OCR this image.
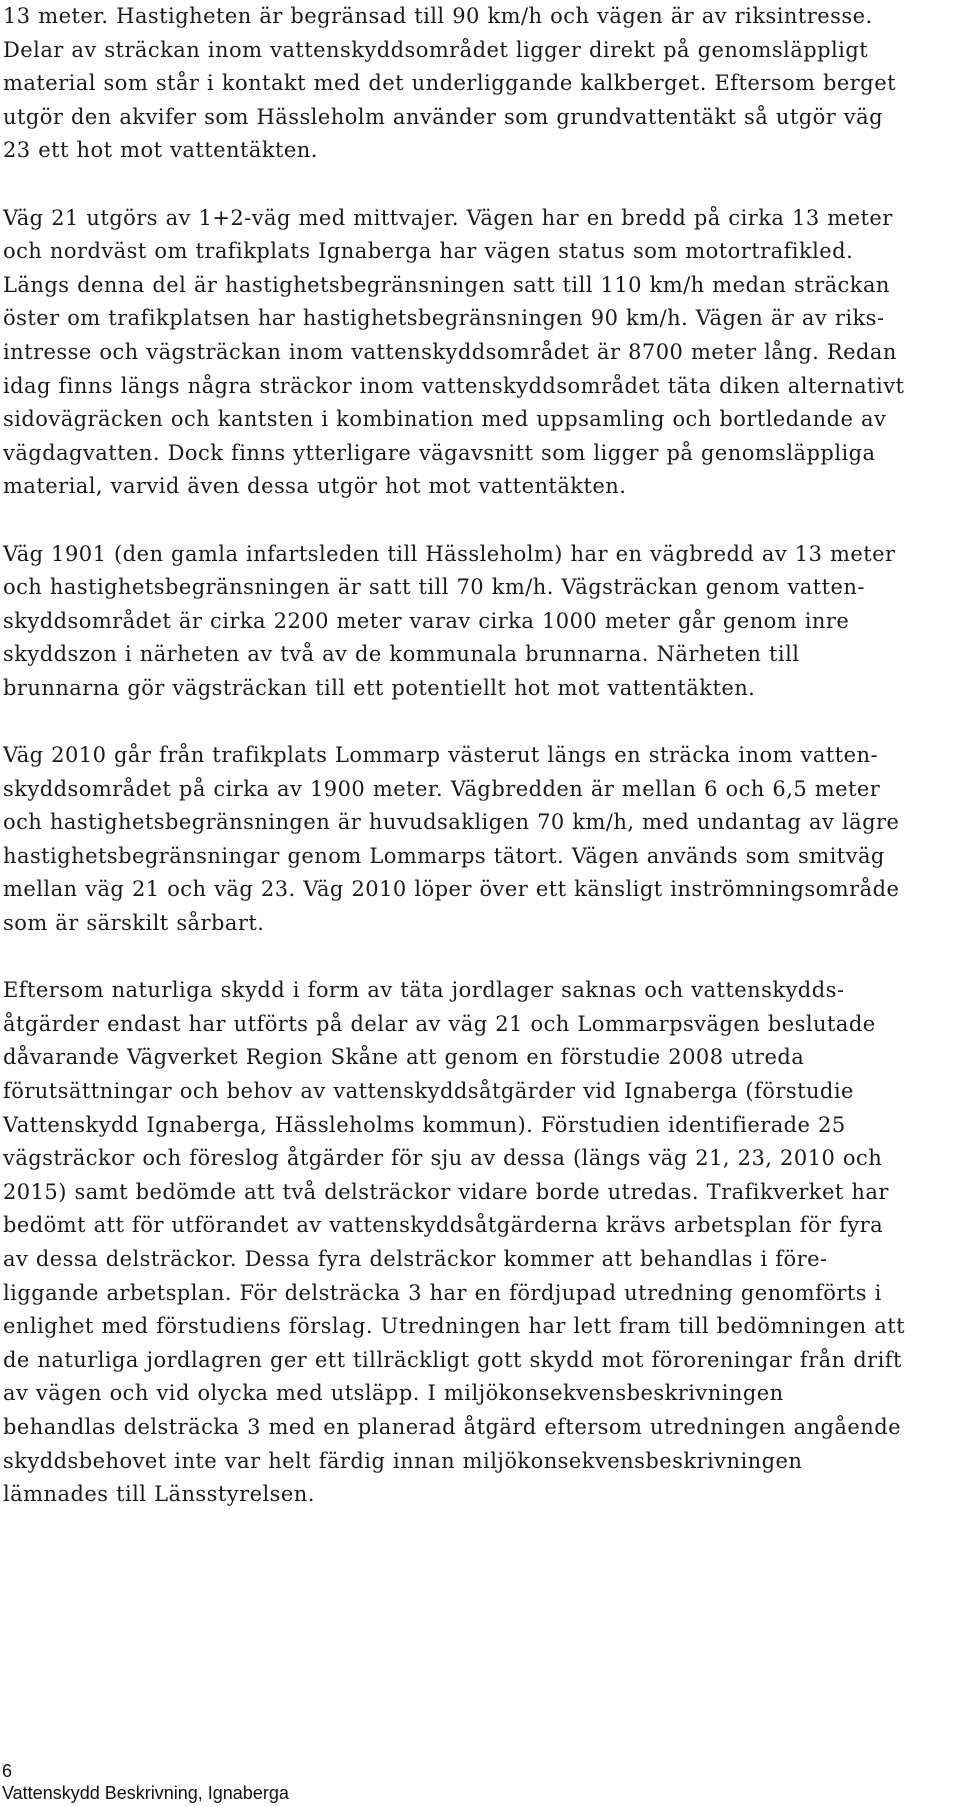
13 meter. Hastigheten är begränsad till 90 km/h och vägen är av riksintresse.
Delar av sträckan inom vattenskyddsområdet ligger direkt på genomsläppligt
material som står i kontakt med det underliggande kalkberget. Eftersom berget
utgör den akvifer som Hässleholm använder som grundvattentäkt så utgör väg
23 ett hot mot vattentäkten.

Väg 21 utgörs av 1+2-väg med mittvajer. Vägen har en bredd på cirka 13 meter
och nordväst om trafikplats Ignaberga har vägen status som motortrafikled.
Längs denna del är hastighetsbegränsningen satt till 110 km/h medan sträckan
öster om trafikplatsen har hastighetsbegränsningen 90 km/h. Vägen är av riks-
intresse och vägsträckan inom vattenskyddsområdet är 8700 meter lång. Redan
idag finns längs några sträckor inom vattenskyddsområdet täta diken alternativt
sidovägräcken och kantsten i kombination med uppsamling och bortledande av
vägdagvatten. Dock finns ytterligare vägavsnitt som ligger på genomsläppliga
material, varvid även dessa utgör hot mot vattentäkten.

Väg 1901 (den gamla infartsleden till Hässleholm) har en vägbredd av 13 meter
och hastighetsbegränsningen är satt till 70 km/h. Vägsträckan genom vatten-
skyddsområdet är cirka 2200 meter varav cirka 1000 meter går genom inre
skyddszon i närheten av två av de kommunala brunnarna. Närheten till
brunnarna gör vägsträckan till ett potentiellt hot mot vattentäkten.

Väg 2010 går från trafikplats Lommarp västerut längs en sträcka inom vatten-
skyddsområdet på cirka av 1900 meter. Vägbredden är mellan 6 och 6,5 meter
och hastighetsbegränsningen är huvudsakligen 70 km/h, med undantag av lägre
hastighetsbegränsningar genom Lommarps tätort. Vägen används som smitväg
mellan väg 21 och väg 23. Väg 2010 löper över ett känsligt inströmningsområde
som är särskilt sårbart.

Eftersom naturliga skydd i form av täta jordlager saknas och vattenskydds-
åtgärder endast har utförts på delar av väg 21 och Lommarpsvägen beslutade
dåvarande Vägverket Region Skåne att genom en förstudie 2008 utreda
förutsättningar och behov av vattenskyddsåtgärder vid Ignaberga (förstudie
Vattenskydd Ignaberga, Hässleholms kommun). Förstudien identifierade 25
vägsträckor och föreslog åtgärder för sju av dessa (längs väg 21, 23, 2010 och
2015) samt bedömde att två delsträckor vidare borde utredas. Trafikverket har
bedömt att för utförandet av vattenskyddsåtgärderna krävs arbetsplan för fyra
av dessa delsträckor. Dessa fyra delsträckor kommer att behandlas i före-
liggande arbetsplan. För delsträcka 3 har en fördjupad utredning genomförts i
enlighet med förstudiens förslag. Utredningen har lett fram till bedömningen att
de naturliga jordlagren ger ett tillräckligt gott skydd mot föroreningar från drift
av vägen och vid olycka med utsläpp. I miljökonsekvensbeskrivningen
behandlas delsträcka 3 med en planerad åtgärd eftersom utredningen angående
skyddsbehovet inte var helt färdig innan miljökonsekvensbeskrivningen
lämnades till Länsstyrelsen.

6
Vattenskydd Beskrivning, Ignaberga
